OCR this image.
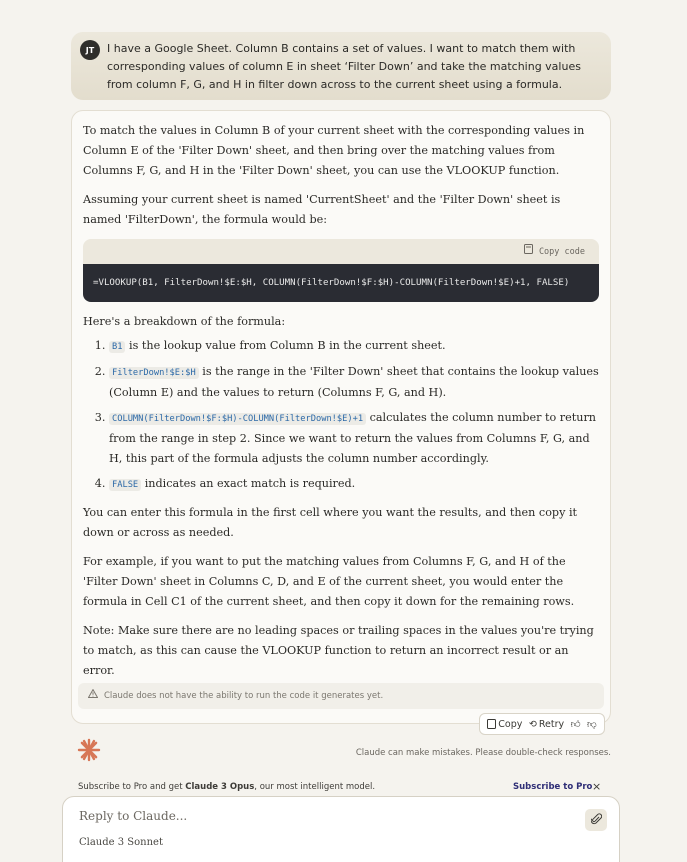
JT	I have a Google Sheet. Column B contains a set of values. I want to match them with corresponding values of column E in sheet ‘Filter Down’ and take the matching values from column F, G, and H in filter down across to the current sheet using a formula.

To match the values in Column B of your current sheet with the corresponding values in Column E of the 'Filter Down' sheet, and then bring over the matching values from Columns F, G, and H in the 'Filter Down' sheet, you can use the VLOOKUP function.

Assuming your current sheet is named 'CurrentSheet' and the 'Filter Down' sheet is named 'FilterDown', the formula would be:

Copy code
=VLOOKUP(B1, FilterDown!$E:$H, COLUMN(FilterDown!$F:$H)-COLUMN(FilterDown!$E)+1, FALSE)

Here's a breakdown of the formula:

1. B1 is the lookup value from Column B in the current sheet.
2. FilterDown!$E:$H is the range in the 'Filter Down' sheet that contains the lookup values (Column E) and the values to return (Columns F, G, and H).
3. COLUMN(FilterDown!$F:$H)-COLUMN(FilterDown!$E)+1 calculates the column number to return from the range in step 2. Since we want to return the values from Columns F, G, and H, this part of the formula adjusts the column number accordingly.
4. FALSE indicates an exact match is required.

You can enter this formula in the first cell where you want the results, and then copy it down or across as needed.

For example, if you want to put the matching values from Columns F, G, and H of the 'Filter Down' sheet in Columns C, D, and E of the current sheet, you would enter the formula in Cell C1 of the current sheet, and then copy it down for the remaining rows.

Note: Make sure there are no leading spaces or trailing spaces in the values you're trying to match, as this can cause the VLOOKUP function to return an incorrect result or an error.

Claude does not have the ability to run the code it generates yet.
Copy ⟲ Retry 👍︎ 👎︎
Claude can make mistakes. Please double-check responses.
Subscribe to Pro and get Claude 3 Opus, our most intelligent model.	Subscribe to Pro ×
Reply to Claude...
Claude 3 Sonnet
